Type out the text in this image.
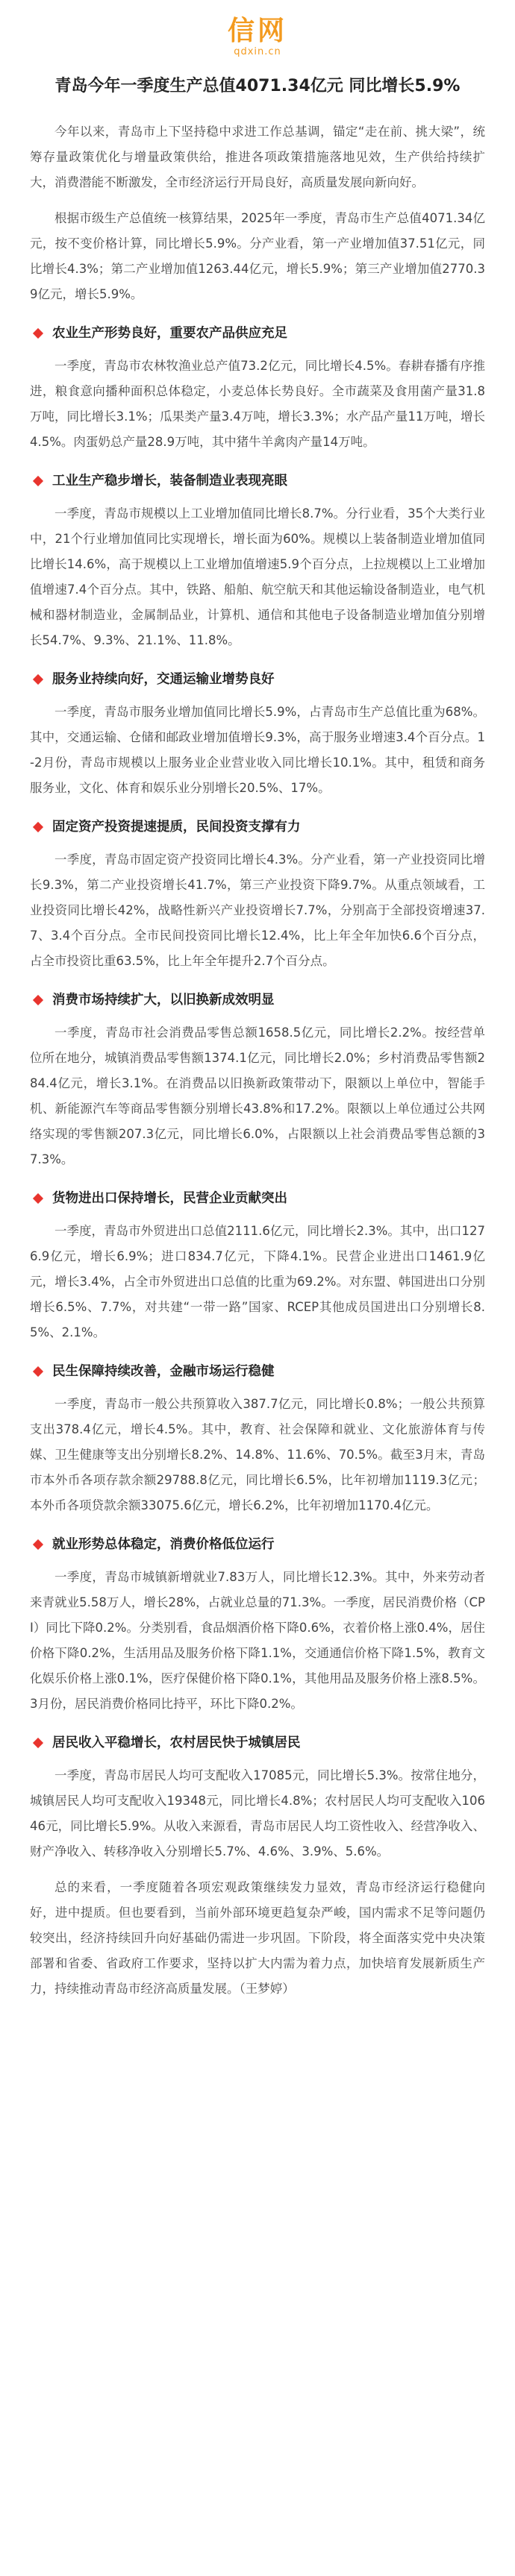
信网
qdxin.cn
青岛今年一季度生产总值4071.34亿元 同比增长5.9%

今年以来，青岛市上下坚持稳中求进工作总基调，锚定“走在前、挑大梁”，统筹存量政策优化与增量政策供给，推进各项政策措施落地见效，生产供给持续扩大，消费潜能不断激发，全市经济运行开局良好，高质量发展向新向好。

根据市级生产总值统一核算结果，2025年一季度，青岛市生产总值4071.34亿元，按不变价格计算，同比增长5.9%。分产业看，第一产业增加值37.51亿元，同比增长4.3%；第二产业增加值1263.44亿元，增长5.9%；第三产业增加值2770.39亿元，增长5.9%。

农业生产形势良好，重要农产品供应充足

一季度，青岛市农林牧渔业总产值73.2亿元，同比增长4.5%。春耕春播有序推进，粮食意向播种面积总体稳定，小麦总体长势良好。全市蔬菜及食用菌产量31.8万吨，同比增长3.1%；瓜果类产量3.4万吨，增长3.3%；水产品产量11万吨，增长4.5%。肉蛋奶总产量28.9万吨，其中猪牛羊禽肉产量14万吨。

工业生产稳步增长，装备制造业表现亮眼

一季度，青岛市规模以上工业增加值同比增长8.7%。分行业看，35个大类行业中，21个行业增加值同比实现增长，增长面为60%。规模以上装备制造业增加值同比增长14.6%，高于规模以上工业增加值增速5.9个百分点，上拉规模以上工业增加值增速7.4个百分点。其中，铁路、船舶、航空航天和其他运输设备制造业，电气机械和器材制造业，金属制品业，计算机、通信和其他电子设备制造业增加值分别增长54.7%、9.3%、21.1%、11.8%。

服务业持续向好，交通运输业增势良好

一季度，青岛市服务业增加值同比增长5.9%，占青岛市生产总值比重为68%。其中，交通运输、仓储和邮政业增加值增长9.3%，高于服务业增速3.4个百分点。1-2月份，青岛市规模以上服务业企业营业收入同比增长10.1%。其中，租赁和商务服务业，文化、体育和娱乐业分别增长20.5%、17%。

固定资产投资提速提质，民间投资支撑有力

一季度，青岛市固定资产投资同比增长4.3%。分产业看，第一产业投资同比增长9.3%，第二产业投资增长41.7%，第三产业投资下降9.7%。从重点领域看，工业投资同比增长42%，战略性新兴产业投资增长7.7%，分别高于全部投资增速37.7、3.4个百分点。全市民间投资同比增长12.4%，比上年全年加快6.6个百分点，占全市投资比重63.5%，比上年全年提升2.7个百分点。

消费市场持续扩大，以旧换新成效明显

一季度，青岛市社会消费品零售总额1658.5亿元，同比增长2.2%。按经营单位所在地分，城镇消费品零售额1374.1亿元，同比增长2.0%；乡村消费品零售额284.4亿元，增长3.1%。在消费品以旧换新政策带动下，限额以上单位中，智能手机、新能源汽车等商品零售额分别增长43.8%和17.2%。限额以上单位通过公共网络实现的零售额207.3亿元，同比增长6.0%，占限额以上社会消费品零售总额的37.3%。

货物进出口保持增长，民营企业贡献突出

一季度，青岛市外贸进出口总值2111.6亿元，同比增长2.3%。其中，出口1276.9亿元，增长6.9%；进口834.7亿元，下降4.1%。民营企业进出口1461.9亿元，增长3.4%，占全市外贸进出口总值的比重为69.2%。对东盟、韩国进出口分别增长6.5%、7.7%，对共建“一带一路”国家、RCEP其他成员国进出口分别增长8.5%、2.1%。

民生保障持续改善，金融市场运行稳健

一季度，青岛市一般公共预算收入387.7亿元，同比增长0.8%；一般公共预算支出378.4亿元，增长4.5%。其中，教育、社会保障和就业、文化旅游体育与传媒、卫生健康等支出分别增长8.2%、14.8%、11.6%、70.5%。截至3月末，青岛市本外币各项存款余额29788.8亿元，同比增长6.5%，比年初增加1119.3亿元；本外币各项贷款余额33075.6亿元，增长6.2%，比年初增加1170.4亿元。

就业形势总体稳定，消费价格低位运行

一季度，青岛市城镇新增就业7.83万人，同比增长12.3%。其中，外来劳动者来青就业5.58万人，增长28%，占就业总量的71.3%。一季度，居民消费价格（CPI）同比下降0.2%。分类别看，食品烟酒价格下降0.6%，衣着价格上涨0.4%，居住价格下降0.2%，生活用品及服务价格下降1.1%，交通通信价格下降1.5%，教育文化娱乐价格上涨0.1%，医疗保健价格下降0.1%，其他用品及服务价格上涨8.5%。3月份，居民消费价格同比持平，环比下降0.2%。

居民收入平稳增长，农村居民快于城镇居民

一季度，青岛市居民人均可支配收入17085元，同比增长5.3%。按常住地分，城镇居民人均可支配收入19348元，同比增长4.8%；农村居民人均可支配收入10646元，同比增长5.9%。从收入来源看，青岛市居民人均工资性收入、经营净收入、财产净收入、转移净收入分别增长5.7%、4.6%、3.9%、5.6%。

总的来看，一季度随着各项宏观政策继续发力显效，青岛市经济运行稳健向好，进中提质。但也要看到，当前外部环境更趋复杂严峻，国内需求不足等问题仍较突出，经济持续回升向好基础仍需进一步巩固。下阶段，将全面落实党中央决策部署和省委、省政府工作要求，坚持以扩大内需为着力点，加快培育发展新质生产力，持续推动青岛市经济高质量发展。（王梦婷）
